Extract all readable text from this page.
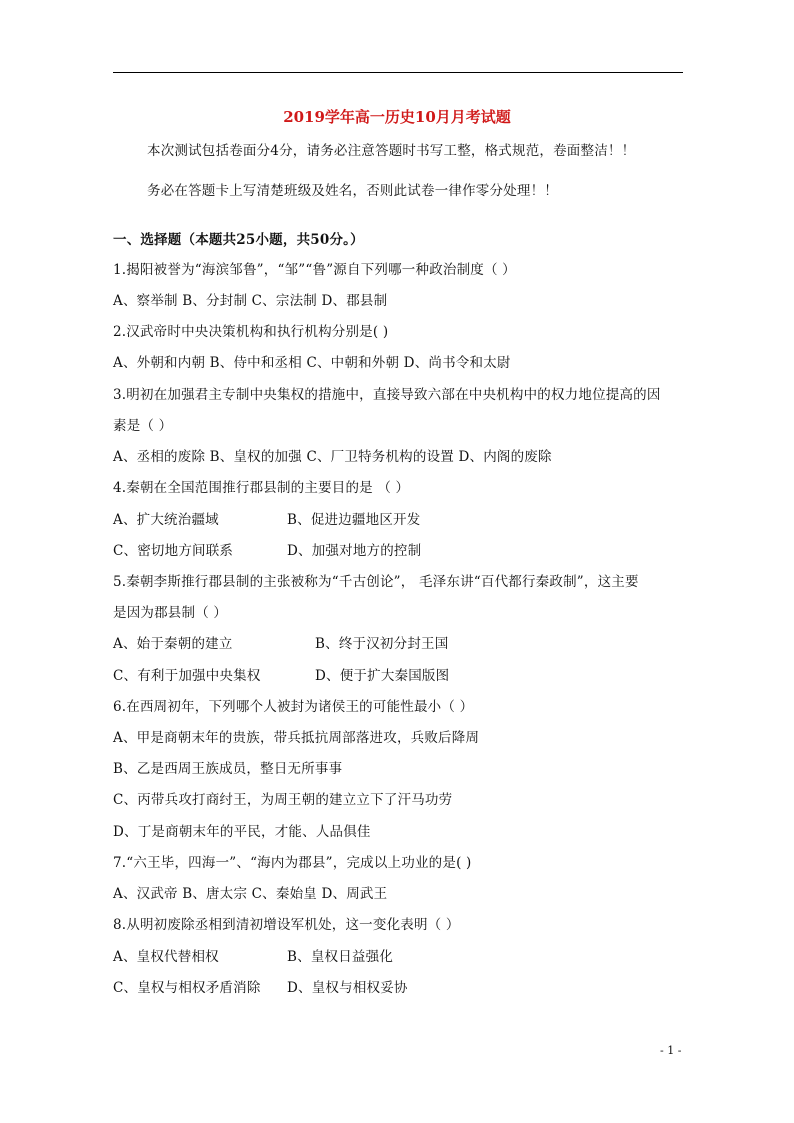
2019学年高一历史10月月考试题
本次测试包括卷面分4分，请务必注意答题时书写工整，格式规范，卷面整洁！！
务必在答题卡上写清楚班级及姓名，否则此试卷一律作零分处理！！
一、选择题（本题共25小题，共50分。）
1.揭阳被誉为“海滨邹鲁”，“邹”“鲁”源自下列哪一种政治制度（ ）
A、察举制 B、分封制 C、宗法制 D、郡县制
2.汉武帝时中央决策机构和执行机构分别是( )
A、外朝和内朝 B、侍中和丞相 C、中朝和外朝 D、尚书令和太尉
3.明初在加强君主专制中央集权的措施中，直接导致六部在中央机构中的权力地位提高的因
素是（ ）
A、丞相的废除 B、皇权的加强 C、厂卫特务机构的设置 D、内阁的废除
4.秦朝在全国范围推行郡县制的主要目的是 （ ）
A、扩大统治疆域	B、促进边疆地区开发
C、密切地方间联系	D、加强对地方的控制
5.秦朝李斯推行郡县制的主张被称为“千古创论”， 毛泽东讲“百代都行秦政制”，这主要
是因为郡县制（ ）
A、始于秦朝的建立	B、终于汉初分封王国
C、有利于加强中央集权	D、便于扩大秦国版图
6.在西周初年，下列哪个人被封为诸侯王的可能性最小（ ）
A、甲是商朝末年的贵族，带兵抵抗周部落进攻，兵败后降周
B、乙是西周王族成员，整日无所事事
C、丙带兵攻打商纣王，为周王朝的建立立下了汗马功劳
D、丁是商朝末年的平民，才能、人品俱佳
7.“六王毕，四海一”、“海内为郡县”，完成以上功业的是( )
A、汉武帝 B、唐太宗 C、秦始皇 D、周武王
8.从明初废除丞相到清初增设军机处，这一变化表明（ ）
A、皇权代替相权	B、皇权日益强化
C、皇权与相权矛盾消除 D、皇权与相权妥协
- 1 -
